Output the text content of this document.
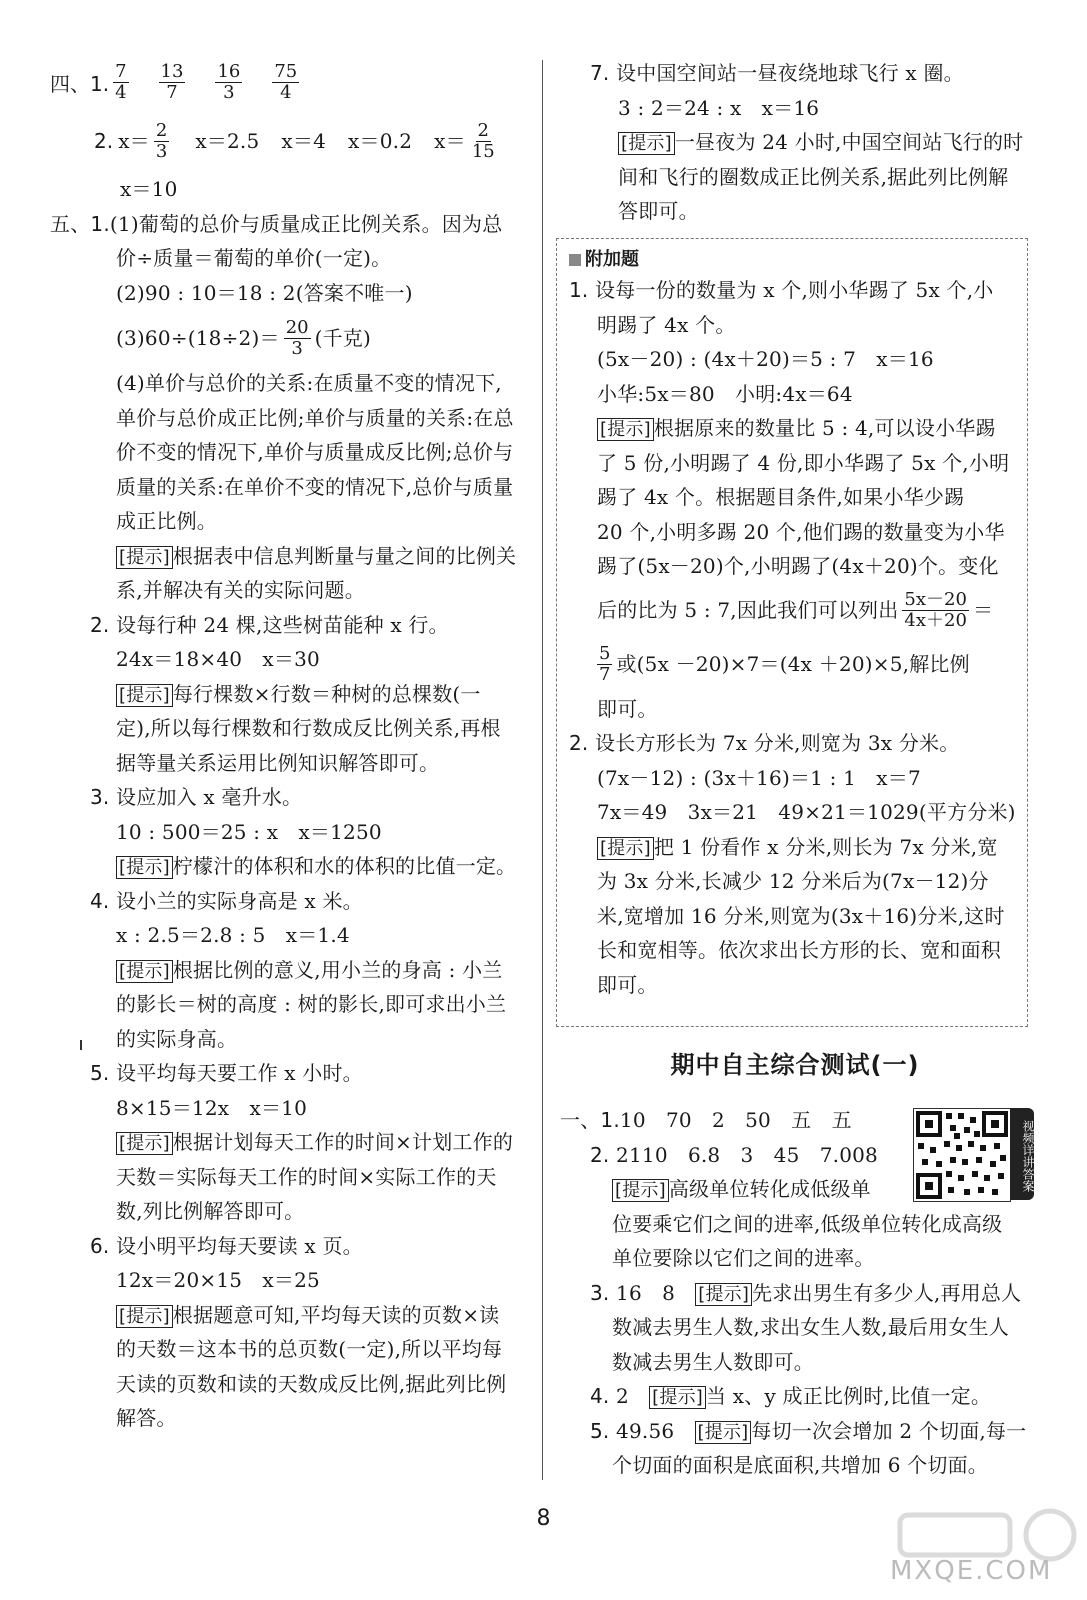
四、1. $\frac{7}{4} \frac{13}{7} \frac{16}{3} \frac{75}{4}$
2.
$x= \frac{2}{3} x=2.5$ x＝4 x＝0.2 $x= \frac{2}{15}$
x＝10
五、1.(1)葡萄的总价与质量成正比例关系。因为总
价÷质量＝葡萄的单价(一定)。
(2)90 : 10＝18 : 2(答案不唯一)
$(3)60\div(18\div 2)= \frac{20}{3}$ (千克)
(4)单价与总价的关系:在质量不变的情况下,
单价与总价成正比例;单价与质量的关系:在总
价不变的情况下,单价与质量成反比例;总价与
质量的关系:在单价不变的情况下,总价与质量
成正比例。
[提示] 根据表中信息判断量与量之间的比例关
系,并解决有关的实际问题。
2. 设每行种 24 棵,这些树苗能种 x 行。
24x＝18×40　x＝30
[提示] 每行棵数×行数＝种树的总棵数(一
定),所以每行棵数和行数成反比例关系,再根
据等量关系运用比例知识解答即可。
3. 设应加入 x 毫升水。
10 : 500＝25 : x　x＝1250
[提示] 柠檬汁的体积和水的体积的比值一定。
4. 设小兰的实际身高是 x 米。
x : 2.5＝2.8 : 5　x＝1.4
[提示] 根据比例的意义,用小兰的身高 : 小兰
的影长＝树的高度 : 树的影长,即可求出小兰
的实际身高。
5. 设平均每天要工作 x 小时。
8×15＝12x　x＝10
[提示] 根据计划每天工作的时间×计划工作的
天数＝实际每天工作的时间×实际工作的天
数,列比例解答即可。
6. 设小明平均每天要读 x 页。
12x＝20×15　x＝25
[提示] 根据题意可知,平均每天读的页数×读
的天数＝这本书的总页数(一定),所以平均每
天读的页数和读的天数成反比例,据此列比例
解答。
7. 设中国空间站一昼夜绕地球飞行 x 圈。
3 : 2＝24 : x　x＝16
[提示] 一昼夜为 24 小时,中国空间站飞行的时
间和飞行的圈数成正比例关系,据此列比例解
答即可。
附加题
1. 设每一份的数量为 x 个,则小华踢了 5x 个,小
明踢了 4x 个。
(5x－20) : (4x＋20)＝5 : 7　x＝16
小华:5x＝80　小明:4x＝64
[提示] 根据原来的数量比 5 : 4,可以设小华踢
了 5 份,小明踢了 4 份,即小华踢了 5x 个,小明
踢了 4x 个。根据题目条件,如果小华少踢
20 个,小明多踢 20 个,他们踢的数量变为小华
踢了(5x－20)个,小明踢了(4x＋20)个。变化
后的比为 5 : 7,因此我们可以列出 $\frac{5x-20}{4x+20}$ ＝
$\frac{5}{7}$ 或(5x －20)×7＝(4x ＋20)×5,解比例
即可。
2. 设长方形长为 7x 分米,则宽为 3x 分米。
(7x－12) : (3x＋16)＝1 : 1　x＝7
7x＝49　3x＝21　49×21＝1029(平方分米)
[提示] 把 1 份看作 x 分米,则长为 7x 分米,宽
为 3x 分米,长减少 12 分米后为(7x－12)分
米,宽增加 16 分米,则宽为(3x＋16)分米,这时
长和宽相等。依次求出长方形的长、宽和面积
即可。
期中自主综合测试(一)
视频详讲答案
一、1.10　70　2　50　五　五
2. 2110　6.8　3　45　7.008
[提示] 高级单位转化成低级单
位要乘它们之间的进率,低级单位转化成高级
单位要除以它们之间的进率。
3. 16　8　[提示] 先求出男生有多少人,再用总人
数减去男生人数,求出女生人数,最后用女生人
数减去男生人数即可。
4. 2　[提示] 当 x、y 成正比例时,比值一定。
5. 49.56　[提示] 每切一次会增加 2 个切面,每一
个切面的面积是底面积,共增加 6 个切面。
8
MXQE.COM
